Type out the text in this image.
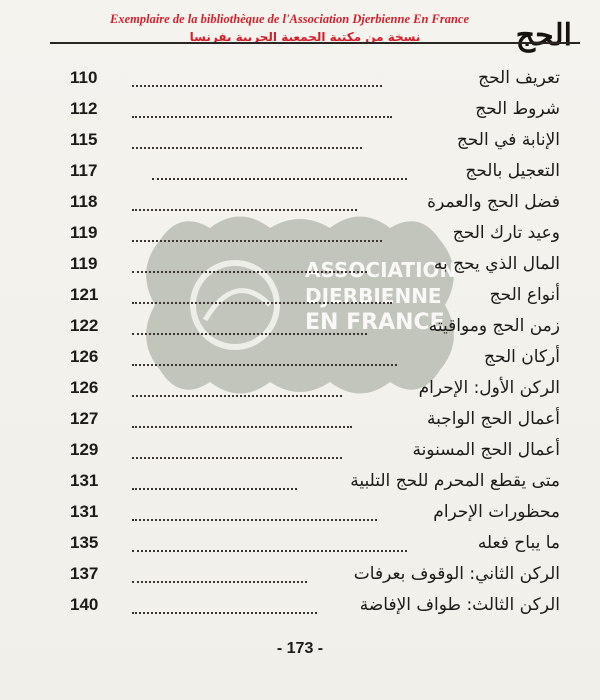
الحج
Exemplaire de la bibliothèque de l'Association Djerbienne En France
نسخة من مكتبة الجمعية الجربية بفرنسا
ASSOCIATION
DJERBIENNE
EN FRANCE
110	تعريف الحج
112	شروط الحج
115	الإنابة في الحج
117	التعجيل بالحج
118	فضل الحج والعمرة
119	وعيد تارك الحج
119	المال الذي يحج به
121	أنواع الحج
122	زمن الحج ومواقيته
126	أركان الحج
126	الركن الأول: الإحرام
127	أعمال الحج الواجبة
129	أعمال الحج المسنونة
131	متى يقطع المحرم للحج التلبية
131	محظورات الإحرام
135	ما يباح فعله
137	الركن الثاني: الوقوف بعرفات
140	الركن الثالث: طواف الإفاضة
- 173 -
